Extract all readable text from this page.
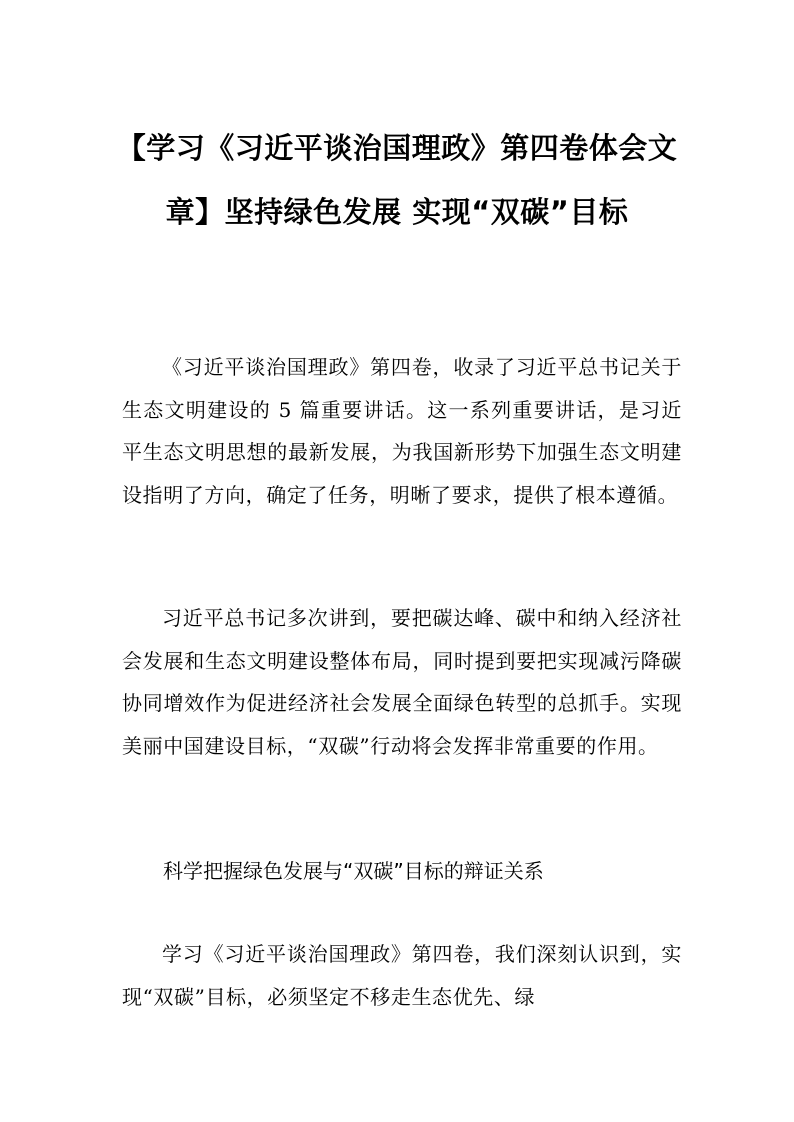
【学习《习近平谈治国理政》第四卷体会文
章】坚持绿色发展 实现“双碳”目标
《习近平谈治国理政》第四卷，收录了习近平总书记关于生态文明建设的 5 篇重要讲话。这一系列重要讲话，是习近平生态文明思想的最新发展，为我国新形势下加强生态文明建设指明了方向，确定了任务，明晰了要求，提供了根本遵循。
习近平总书记多次讲到，要把碳达峰、碳中和纳入经济社会发展和生态文明建设整体布局，同时提到要把实现减污降碳协同增效作为促进经济社会发展全面绿色转型的总抓手。实现美丽中国建设目标，“双碳”行动将会发挥非常重要的作用。
科学把握绿色发展与“双碳”目标的辩证关系
学习《习近平谈治国理政》第四卷，我们深刻认识到，实现“双碳”目标，必须坚定不移走生态优先、绿
